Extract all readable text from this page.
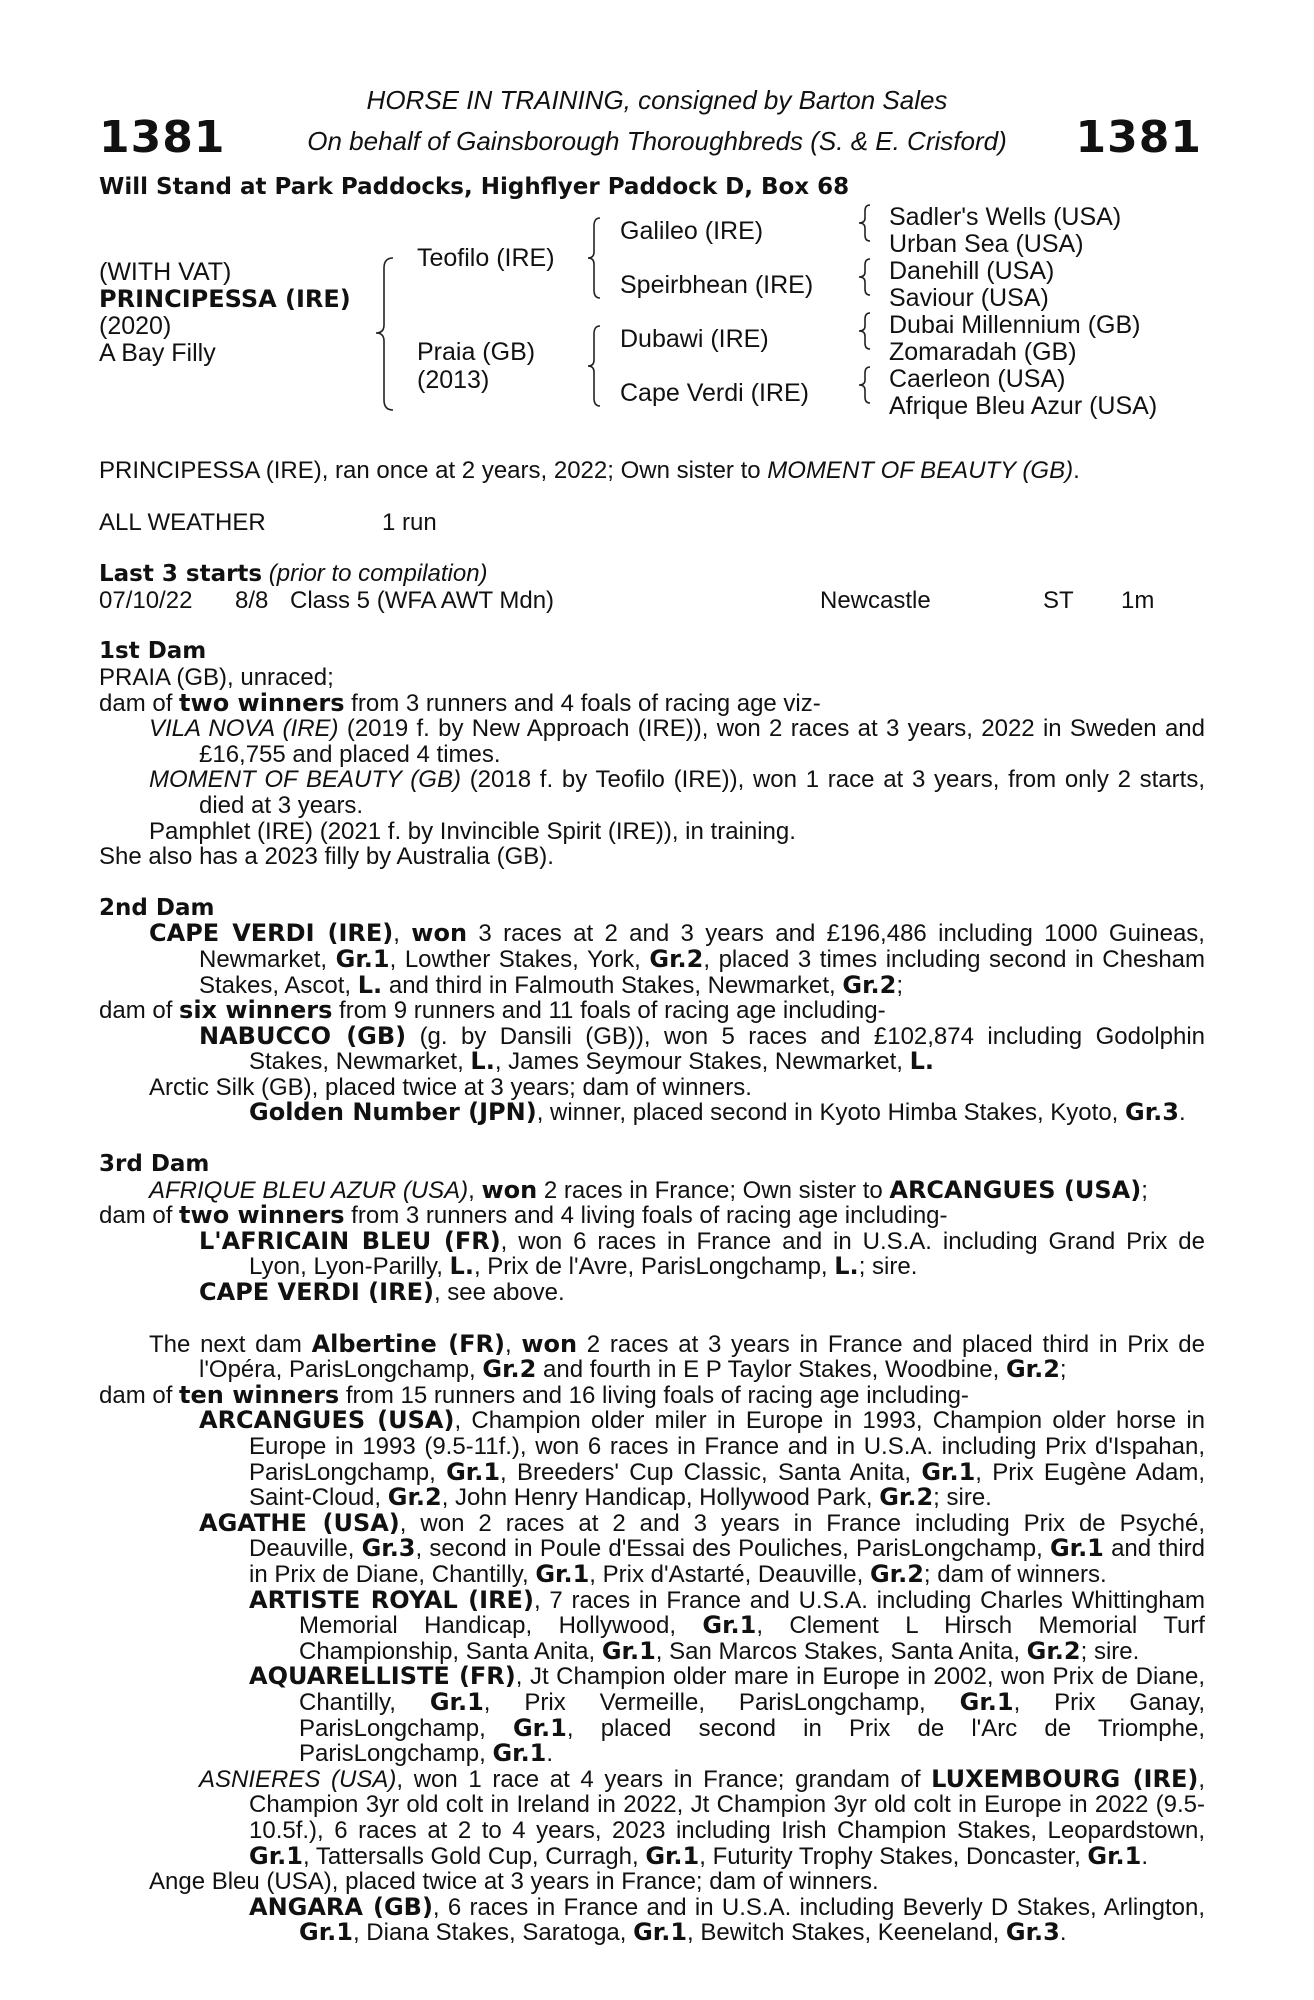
1381	1381
HORSE IN TRAINING, consigned by Barton Sales
On behalf of Gainsborough Thoroughbreds (S. & E. Crisford)
Will Stand at Park Paddocks, Highflyer Paddock D, Box 68
(WITH VAT)
PRINCIPESSA (IRE)
(2020)
A Bay Filly
Teofilo (IRE)
Praia (GB)
(2013)
Galileo (IRE)
Speirbhean (IRE)
Dubawi (IRE)
Cape Verdi (IRE)
Sadler's Wells (USA)
Urban Sea (USA)
Danehill (USA)
Saviour (USA)
Dubai Millennium (GB)
Zomaradah (GB)
Caerleon (USA)
Afrique Bleu Azur (USA)

PRINCIPESSA (IRE), ran once at 2 years, 2022; Own sister to MOMENT OF BEAUTY (GB).

ALL WEATHER	1 run

Last 3 starts (prior to compilation)

07/10/22 8/8 Class 5 (WFA AWT Mdn)	Newcastle	ST 1m

1st Dam

PRAIA (GB), unraced;

dam of two winners from 3 runners and 4 foals of racing age viz-

VILA NOVA (IRE) (2019 f. by New Approach (IRE)), won 2 races at 3 years, 2022 in Sweden and £16,755 and placed 4 times.

MOMENT OF BEAUTY (GB) (2018 f. by Teofilo (IRE)), won 1 race at 3 years, from only 2 starts, died at 3 years.

Pamphlet (IRE) (2021 f. by Invincible Spirit (IRE)), in training.

She also has a 2023 filly by Australia (GB).

2nd Dam

CAPE VERDI (IRE), won 3 races at 2 and 3 years and £196,486 including 1000 Guineas, Newmarket, Gr.1, Lowther Stakes, York, Gr.2, placed 3 times including second in Chesham Stakes, Ascot, L. and third in Falmouth Stakes, Newmarket, Gr.2;

dam of six winners from 9 runners and 11 foals of racing age including-

NABUCCO (GB) (g. by Dansili (GB)), won 5 races and £102,874 including Godolphin Stakes, Newmarket, L., James Seymour Stakes, Newmarket, L.

Arctic Silk (GB), placed twice at 3 years; dam of winners.

Golden Number (JPN), winner, placed second in Kyoto Himba Stakes, Kyoto, Gr.3.

3rd Dam

AFRIQUE BLEU AZUR (USA), won 2 races in France; Own sister to ARCANGUES (USA);

dam of two winners from 3 runners and 4 living foals of racing age including-

L'AFRICAIN BLEU (FR), won 6 races in France and in U.S.A. including Grand Prix de Lyon, Lyon-Parilly, L., Prix de l'Avre, ParisLongchamp, L.; sire.

CAPE VERDI (IRE), see above.

The next dam Albertine (FR), won 2 races at 3 years in France and placed third in Prix de l'Opéra, ParisLongchamp, Gr.2 and fourth in E P Taylor Stakes, Woodbine, Gr.2;

dam of ten winners from 15 runners and 16 living foals of racing age including-

ARCANGUES (USA), Champion older miler in Europe in 1993, Champion older horse in Europe in 1993 (9.5-11f.), won 6 races in France and in U.S.A. including Prix d'Ispahan, ParisLongchamp, Gr.1, Breeders' Cup Classic, Santa Anita, Gr.1, Prix Eugène Adam, Saint-Cloud, Gr.2, John Henry Handicap, Hollywood Park, Gr.2; sire.

AGATHE (USA), won 2 races at 2 and 3 years in France including Prix de Psyché, Deauville, Gr.3, second in Poule d'Essai des Pouliches, ParisLongchamp, Gr.1 and third in Prix de Diane, Chantilly, Gr.1, Prix d'Astarté, Deauville, Gr.2; dam of winners.

ARTISTE ROYAL (IRE), 7 races in France and U.S.A. including Charles Whittingham Memorial Handicap, Hollywood, Gr.1, Clement L Hirsch Memorial Turf Championship, Santa Anita, Gr.1, San Marcos Stakes, Santa Anita, Gr.2; sire.

AQUARELLISTE (FR), Jt Champion older mare in Europe in 2002, won Prix de Diane, Chantilly, Gr.1, Prix Vermeille, ParisLongchamp, Gr.1, Prix Ganay, ParisLongchamp, Gr.1, placed second in Prix de l'Arc de Triomphe, ParisLongchamp, Gr.1.

ASNIERES (USA), won 1 race at 4 years in France; grandam of LUXEMBOURG (IRE), Champion 3yr old colt in Ireland in 2022, Jt Champion 3yr old colt in Europe in 2022 (9.5-10.5f.), 6 races at 2 to 4 years, 2023 including Irish Champion Stakes, Leopardstown, Gr.1, Tattersalls Gold Cup, Curragh, Gr.1, Futurity Trophy Stakes, Doncaster, Gr.1.

Ange Bleu (USA), placed twice at 3 years in France; dam of winners.

ANGARA (GB), 6 races in France and in U.S.A. including Beverly D Stakes, Arlington, Gr.1, Diana Stakes, Saratoga, Gr.1, Bewitch Stakes, Keeneland, Gr.3.
